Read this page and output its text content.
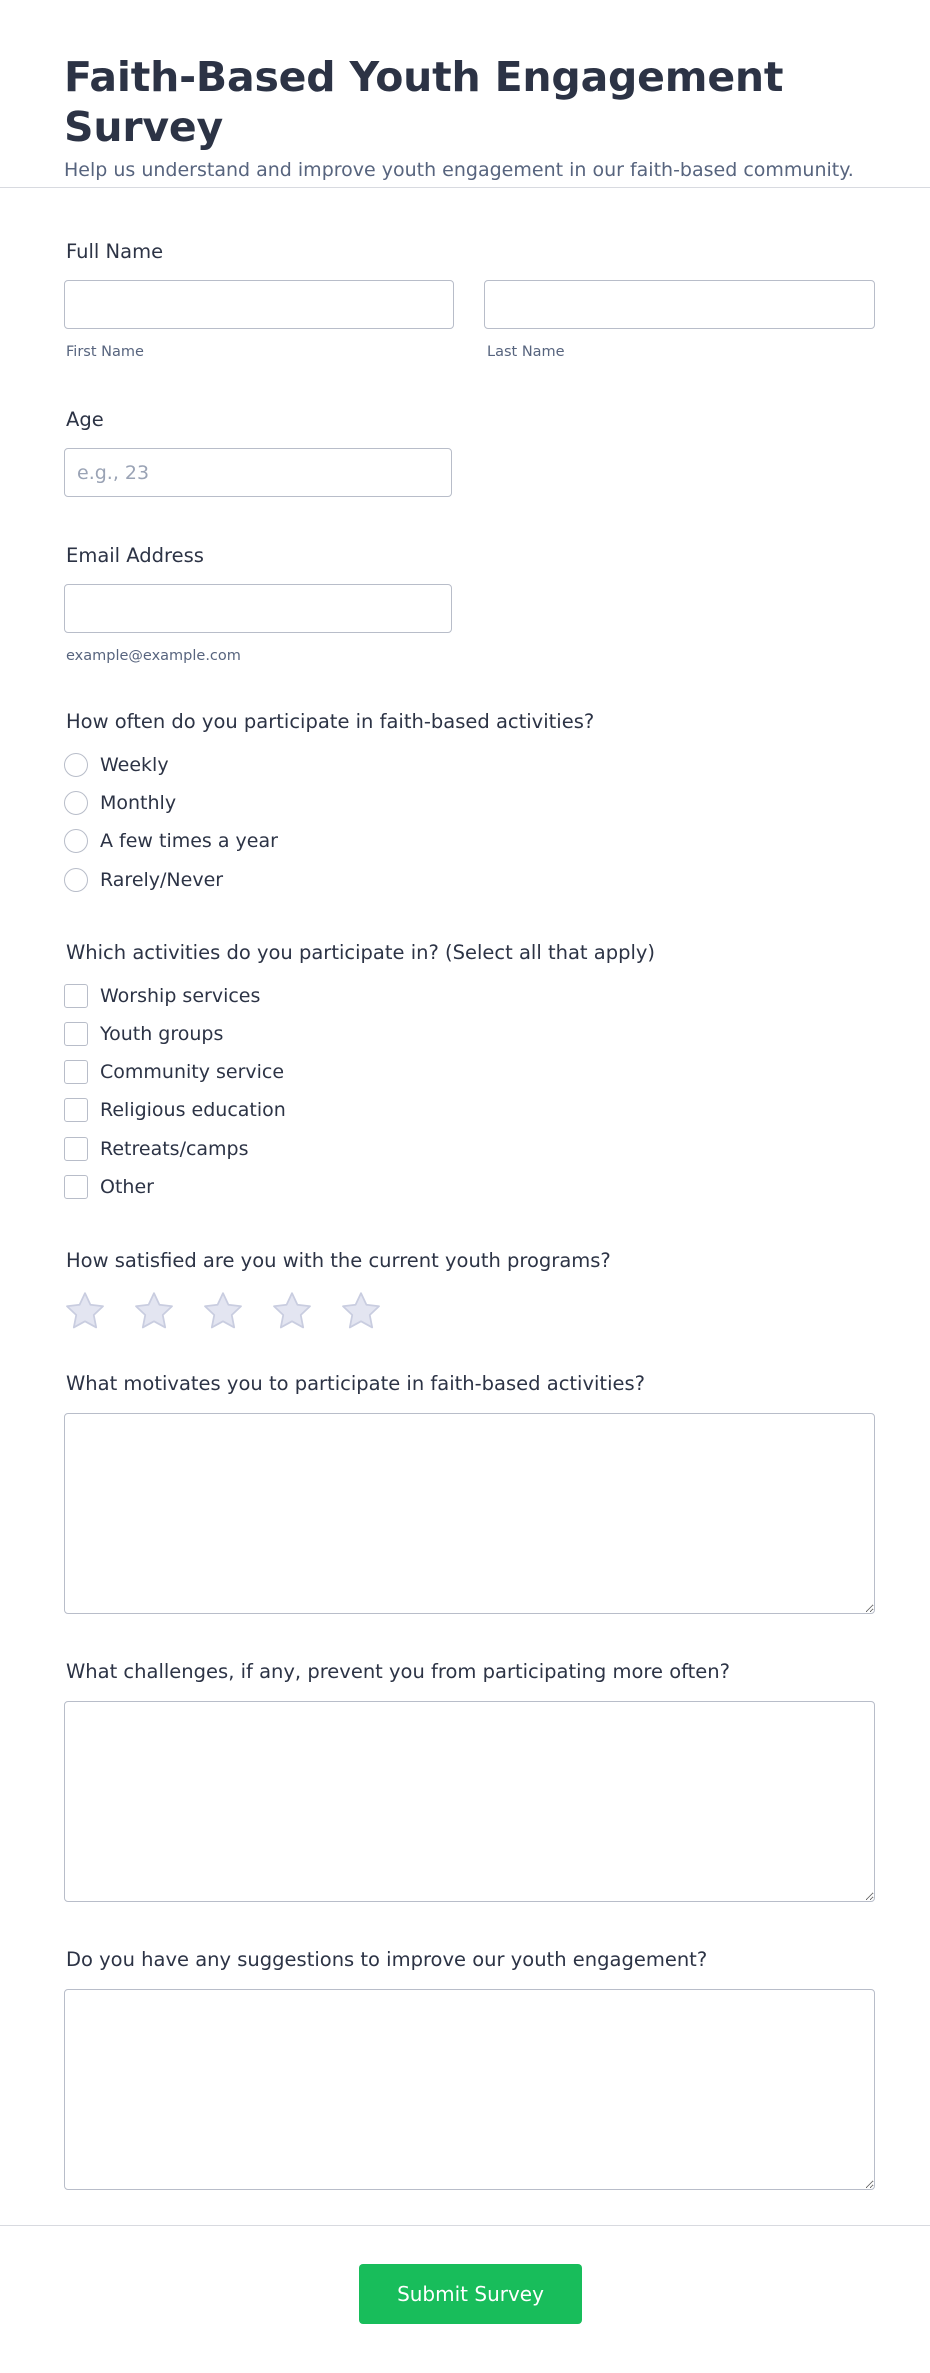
Faith-Based Youth Engagement Survey
Help us understand and improve youth engagement in our faith-based community.
Full Name
First Name	Last Name
Age
e.g., 23
Email Address
example@example.com
How often do you participate in faith-based activities?
Weekly
Monthly
A few times a year
Rarely/Never
Which activities do you participate in? (Select all that apply)
Worship services
Youth groups
Community service
Religious education
Retreats/camps
Other
How satisfied are you with the current youth programs?
What motivates you to participate in faith-based activities?
What challenges, if any, prevent you from participating more often?
Do you have any suggestions to improve our youth engagement?
Submit Survey
